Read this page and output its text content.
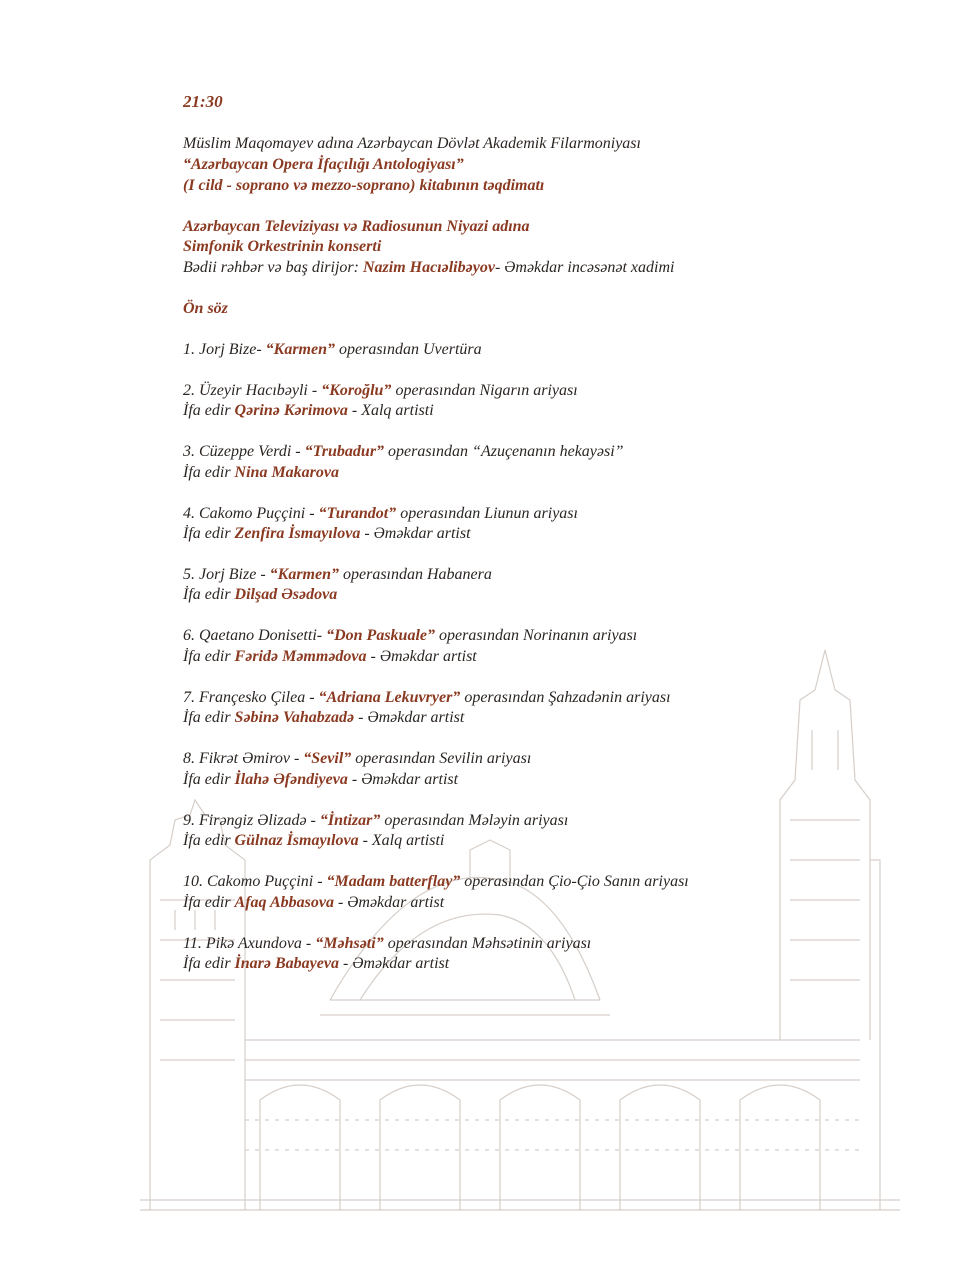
21:30
Müslim Maqomayev adına Azərbaycan Dövlət Akademik Filarmoniyası
“Azərbaycan Opera İfaçılığı Antologiyası”
(I cild - soprano və mezzo-soprano) kitabının təqdimatı
Azərbaycan Televiziyası və Radiosunun Niyazi adına
Simfonik Orkestrinin konserti
Bədii rəhbər və baş dirijor: Nazim Hacıəlibəyov- Əməkdar incəsənət xadimi
Ön söz
1. Jorj Bize- “Karmen” operasından Uvertüra
2. Üzeyir Hacıbəyli - “Koroğlu” operasından Nigarın ariyası
İfa edir Qərinə Kərimova - Xalq artisti
3. Cüzeppe Verdi - “Trubadur” operasından “Azuçenanın hekayəsi”
İfa edir Nina Makarova
4. Cakomo Puççini - “Turandot” operasından Liunun ariyası
İfa edir Zenfira İsmayılova - Əməkdar artist
5. Jorj Bize - “Karmen” operasından Habanera
İfa edir Dilşad Əsədova
6. Qaetano Donisetti- “Don Paskuale” operasından Norinanın ariyası
İfa edir Fəridə Məmmədova - Əməkdar artist
7. Françesko Çilea - “Adriana Lekuvryer” operasından Şahzadənin ariyası
İfa edir Səbinə Vahabzadə - Əməkdar artist
8. Fikrət Əmirov - “Sevil” operasından Sevilin ariyası
İfa edir İlahə Əfəndiyeva - Əməkdar artist
9. Firəngiz Əlizadə - “İntizar” operasından Mələyin ariyası
İfa edir Gülnaz İsmayılova - Xalq artisti
10. Cakomo Puççini - “Madam batterflay” operasından Çio-Çio Sanın ariyası
İfa edir Afaq Abbasova - Əməkdar artist
11. Pikə Axundova - “Məhsəti” operasından Məhsətinin ariyası
İfa edir İnarə Babayeva - Əməkdar artist
